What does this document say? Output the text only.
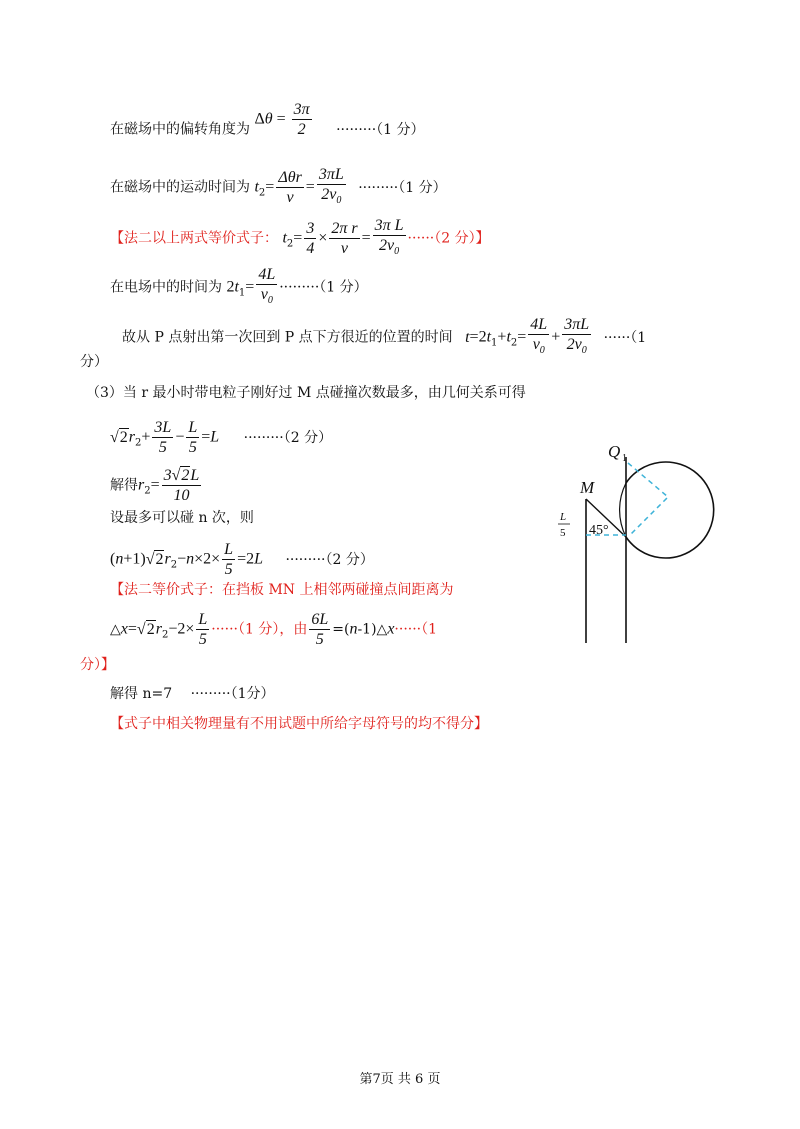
在磁场中的偏转角度为 $\Delta\theta = \frac{3\pi}{2} \cdot\cdot\cdot\cdot\cdot\cdot\cdot\cdot\cdot(1$ 分）
在磁场中的运动时间为 $t_2= \frac{\text{Δθr}}{v} = \frac{3\pi L}{2v_0} \cdot\cdot\cdot\cdot\cdot\cdot\cdot\cdot\cdot(1$ 分）
【法二以上两式等价式子： $t_2= \frac{3}{4} \times \frac{\text{2π r}}{v} = \frac{\text{3π L}}{2v_0} \cdot\cdot\cdot\cdot\cdot\cdot(2$ 分）】
在电场中的时间为 $2t_1= \frac{4L}{v_0} \cdot\cdot\cdot\cdot\cdot\cdot\cdot\cdot\cdot(1$ 分）
故从 P 点射出第一次回到 P 点下方很近的位置的时间 $t=2t_1+t_2= \frac{4L}{v_0} + \frac{3\pi L}{2v_0} \cdot\cdot\cdot\cdot\cdot\cdot(1$
分）
（3）当 r 最小时带电粒子刚好过 M 点碰撞次数最多，由几何关系可得
$√2r_2+ \frac{3L}{5} - \frac{L}{5} =L \cdot\cdot\cdot\cdot\cdot\cdot\cdot\cdot\cdot(2$ 分）
解得$r_2= \frac{3√2L}{10}$
设最多可以碰 n 次，则
$(n+1)√2r_2-n\times 2\times \frac{L}{5} =2L \cdot\cdot\cdot\cdot\cdot\cdot\cdot\cdot\cdot(2$ 分）
【法二等价式子：在挡板 MN 上相邻两碰撞点间距离为
$\triangle x=√2r_2-2\times \frac{L}{5} \cdot\cdot\cdot\cdot\cdot\cdot(1$ 分），由 $\frac{6L}{5}$ =(n-1)△x······（1
分）】
解得 n=7 ·········（1分）
【式子中相关物理量有不用试题中所给字母符号的均不得分】
M
Q 1
L
5 45°
第7页 共 6 页
